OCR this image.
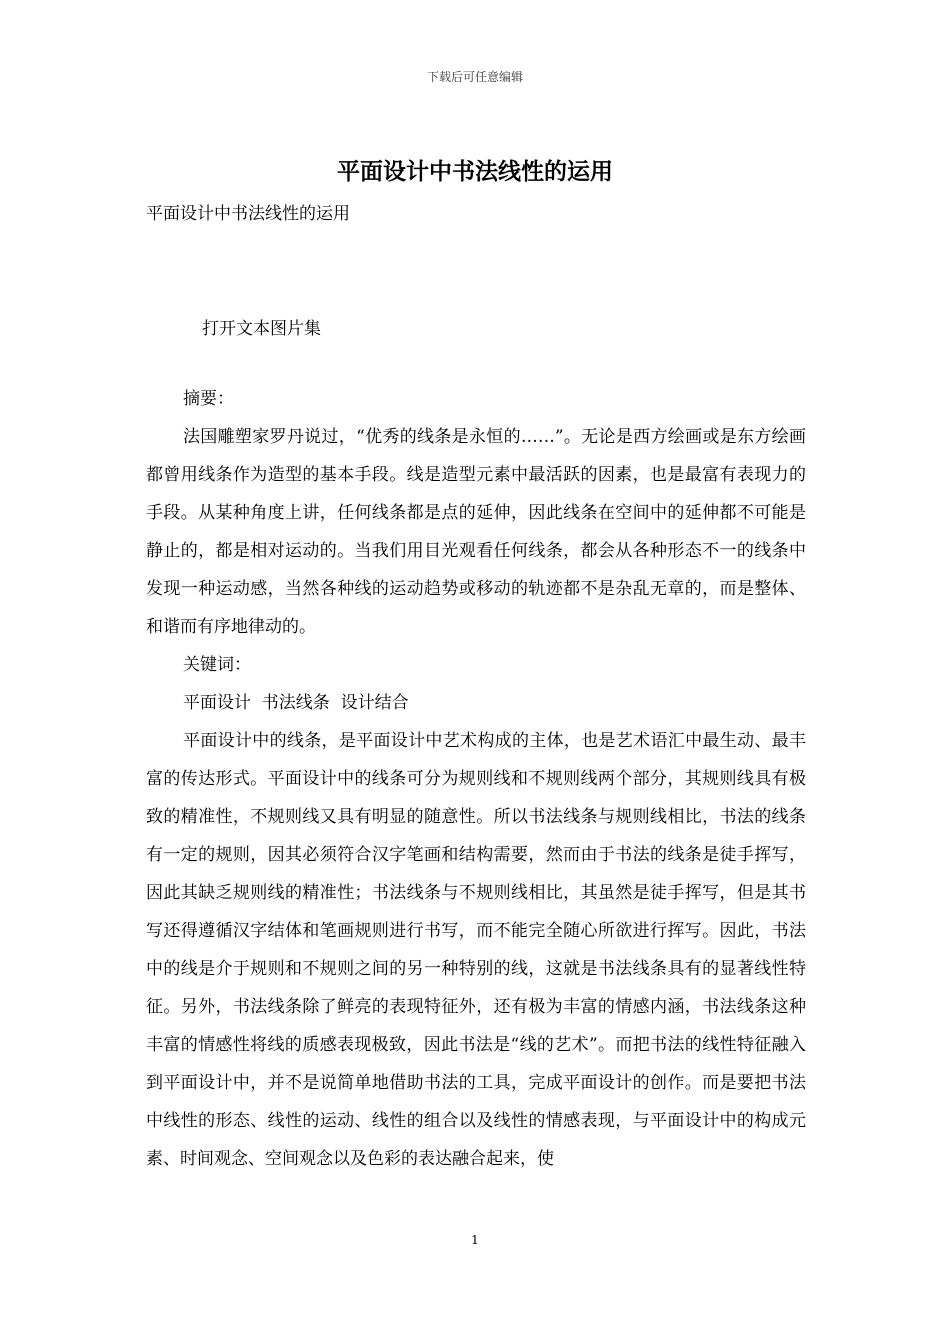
下载后可任意编辑
平面设计中书法线性的运用

平面设计中书法线性的运用

打开文本图片集

摘要：

法国雕塑家罗丹说过，“优秀的线条是永恒的……”。无论是西方绘画或是东方绘画都曾用线条作为造型的基本手段。线是造型元素中最活跃的因素，也是最富有表现力的手段。从某种角度上讲，任何线条都是点的延伸，因此线条在空间中的延伸都不可能是静止的，都是相对运动的。当我们用目光观看任何线条，都会从各种形态不一的线条中发现一种运动感，当然各种线的运动趋势或移动的轨迹都不是杂乱无章的，而是整体、和谐而有序地律动的。

关键词：

平面设计  书法线条  设计结合

平面设计中的线条，是平面设计中艺术构成的主体，也是艺术语汇中最生动、最丰富的传达形式。平面设计中的线条可分为规则线和不规则线两个部分，其规则线具有极致的精准性，不规则线又具有明显的随意性。所以书法线条与规则线相比，书法的线条有一定的规则，因其必须符合汉字笔画和结构需要，然而由于书法的线条是徒手挥写，因此其缺乏规则线的精准性；书法线条与不规则线相比，其虽然是徒手挥写，但是其书写还得遵循汉字结体和笔画规则进行书写，而不能完全随心所欲进行挥写。因此，书法中的线是介于规则和不规则之间的另一种特别的线，这就是书法线条具有的显著线性特征。另外，书法线条除了鲜亮的表现特征外，还有极为丰富的情感内涵，书法线条这种丰富的情感性将线的质感表现极致，因此书法是“线的艺术”。而把书法的线性特征融入到平面设计中，并不是说简单地借助书法的工具，完成平面设计的创作。而是要把书法中线性的形态、线性的运动、线性的组合以及线性的情感表现，与平面设计中的构成元素、时间观念、空间观念以及色彩的表达融合起来，使

1
